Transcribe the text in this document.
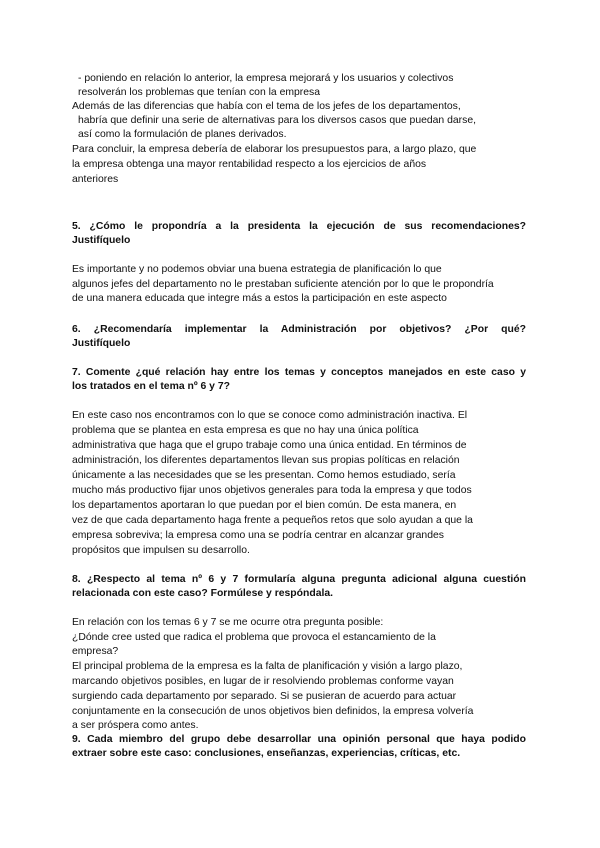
- poniendo en relación lo anterior, la empresa mejorará y los usuarios y colectivos

resolverán los problemas que tenían con la empresa

Además de las diferencias que había con el tema de los jefes de los departamentos,

habría que definir una serie de alternativas para los diversos casos que puedan darse,

así como la formulación de planes derivados.

Para concluir, la empresa debería de elaborar los presupuestos para, a largo plazo, que

la empresa obtenga una mayor rentabilidad respecto a los ejercicios de años

anteriores

5. ¿Cómo le propondría a la presidenta la ejecución de sus recomendaciones?

Justifíquelo

Es importante y no podemos obviar una buena estrategia de planificación lo que

algunos jefes del departamento no le prestaban suficiente atención por lo que le propondría

de una manera educada que integre más a estos la participación en este aspecto

6. ¿Recomendaría implementar la Administración por objetivos? ¿Por qué?

Justifíquelo

7. Comente ¿qué relación hay entre los temas y conceptos manejados en este caso y

los tratados en el tema nº 6 y 7?

En este caso nos encontramos con lo que se conoce como administración inactiva. El

problema que se plantea en esta empresa es que no hay una única política

administrativa que haga que el grupo trabaje como una única entidad. En términos de

administración, los diferentes departamentos llevan sus propias políticas en relación

únicamente a las necesidades que se les presentan. Como hemos estudiado, sería

mucho más productivo fijar unos objetivos generales para toda la empresa y que todos

los departamentos aportaran lo que puedan por el bien común. De esta manera, en

vez de que cada departamento haga frente a pequeños retos que solo ayudan a que la

empresa sobreviva; la empresa como una se podría centrar en alcanzar grandes

propósitos que impulsen su desarrollo.

8. ¿Respecto al tema nº 6 y 7 formularía alguna pregunta adicional alguna cuestión

relacionada con este caso? Formúlese y respóndala.

En relación con los temas 6 y 7 se me ocurre otra pregunta posible:

¿Dónde cree usted que radica el problema que provoca el estancamiento de la

empresa?

El principal problema de la empresa es la falta de planificación y visión a largo plazo,

marcando objetivos posibles, en lugar de ir resolviendo problemas conforme vayan

surgiendo cada departamento por separado. Si se pusieran de acuerdo para actuar

conjuntamente en la consecución de unos objetivos bien definidos, la empresa volvería

a ser próspera como antes.

9. Cada miembro del grupo debe desarrollar una opinión personal que haya podido

extraer sobre este caso: conclusiones, enseñanzas, experiencias, críticas, etc.
